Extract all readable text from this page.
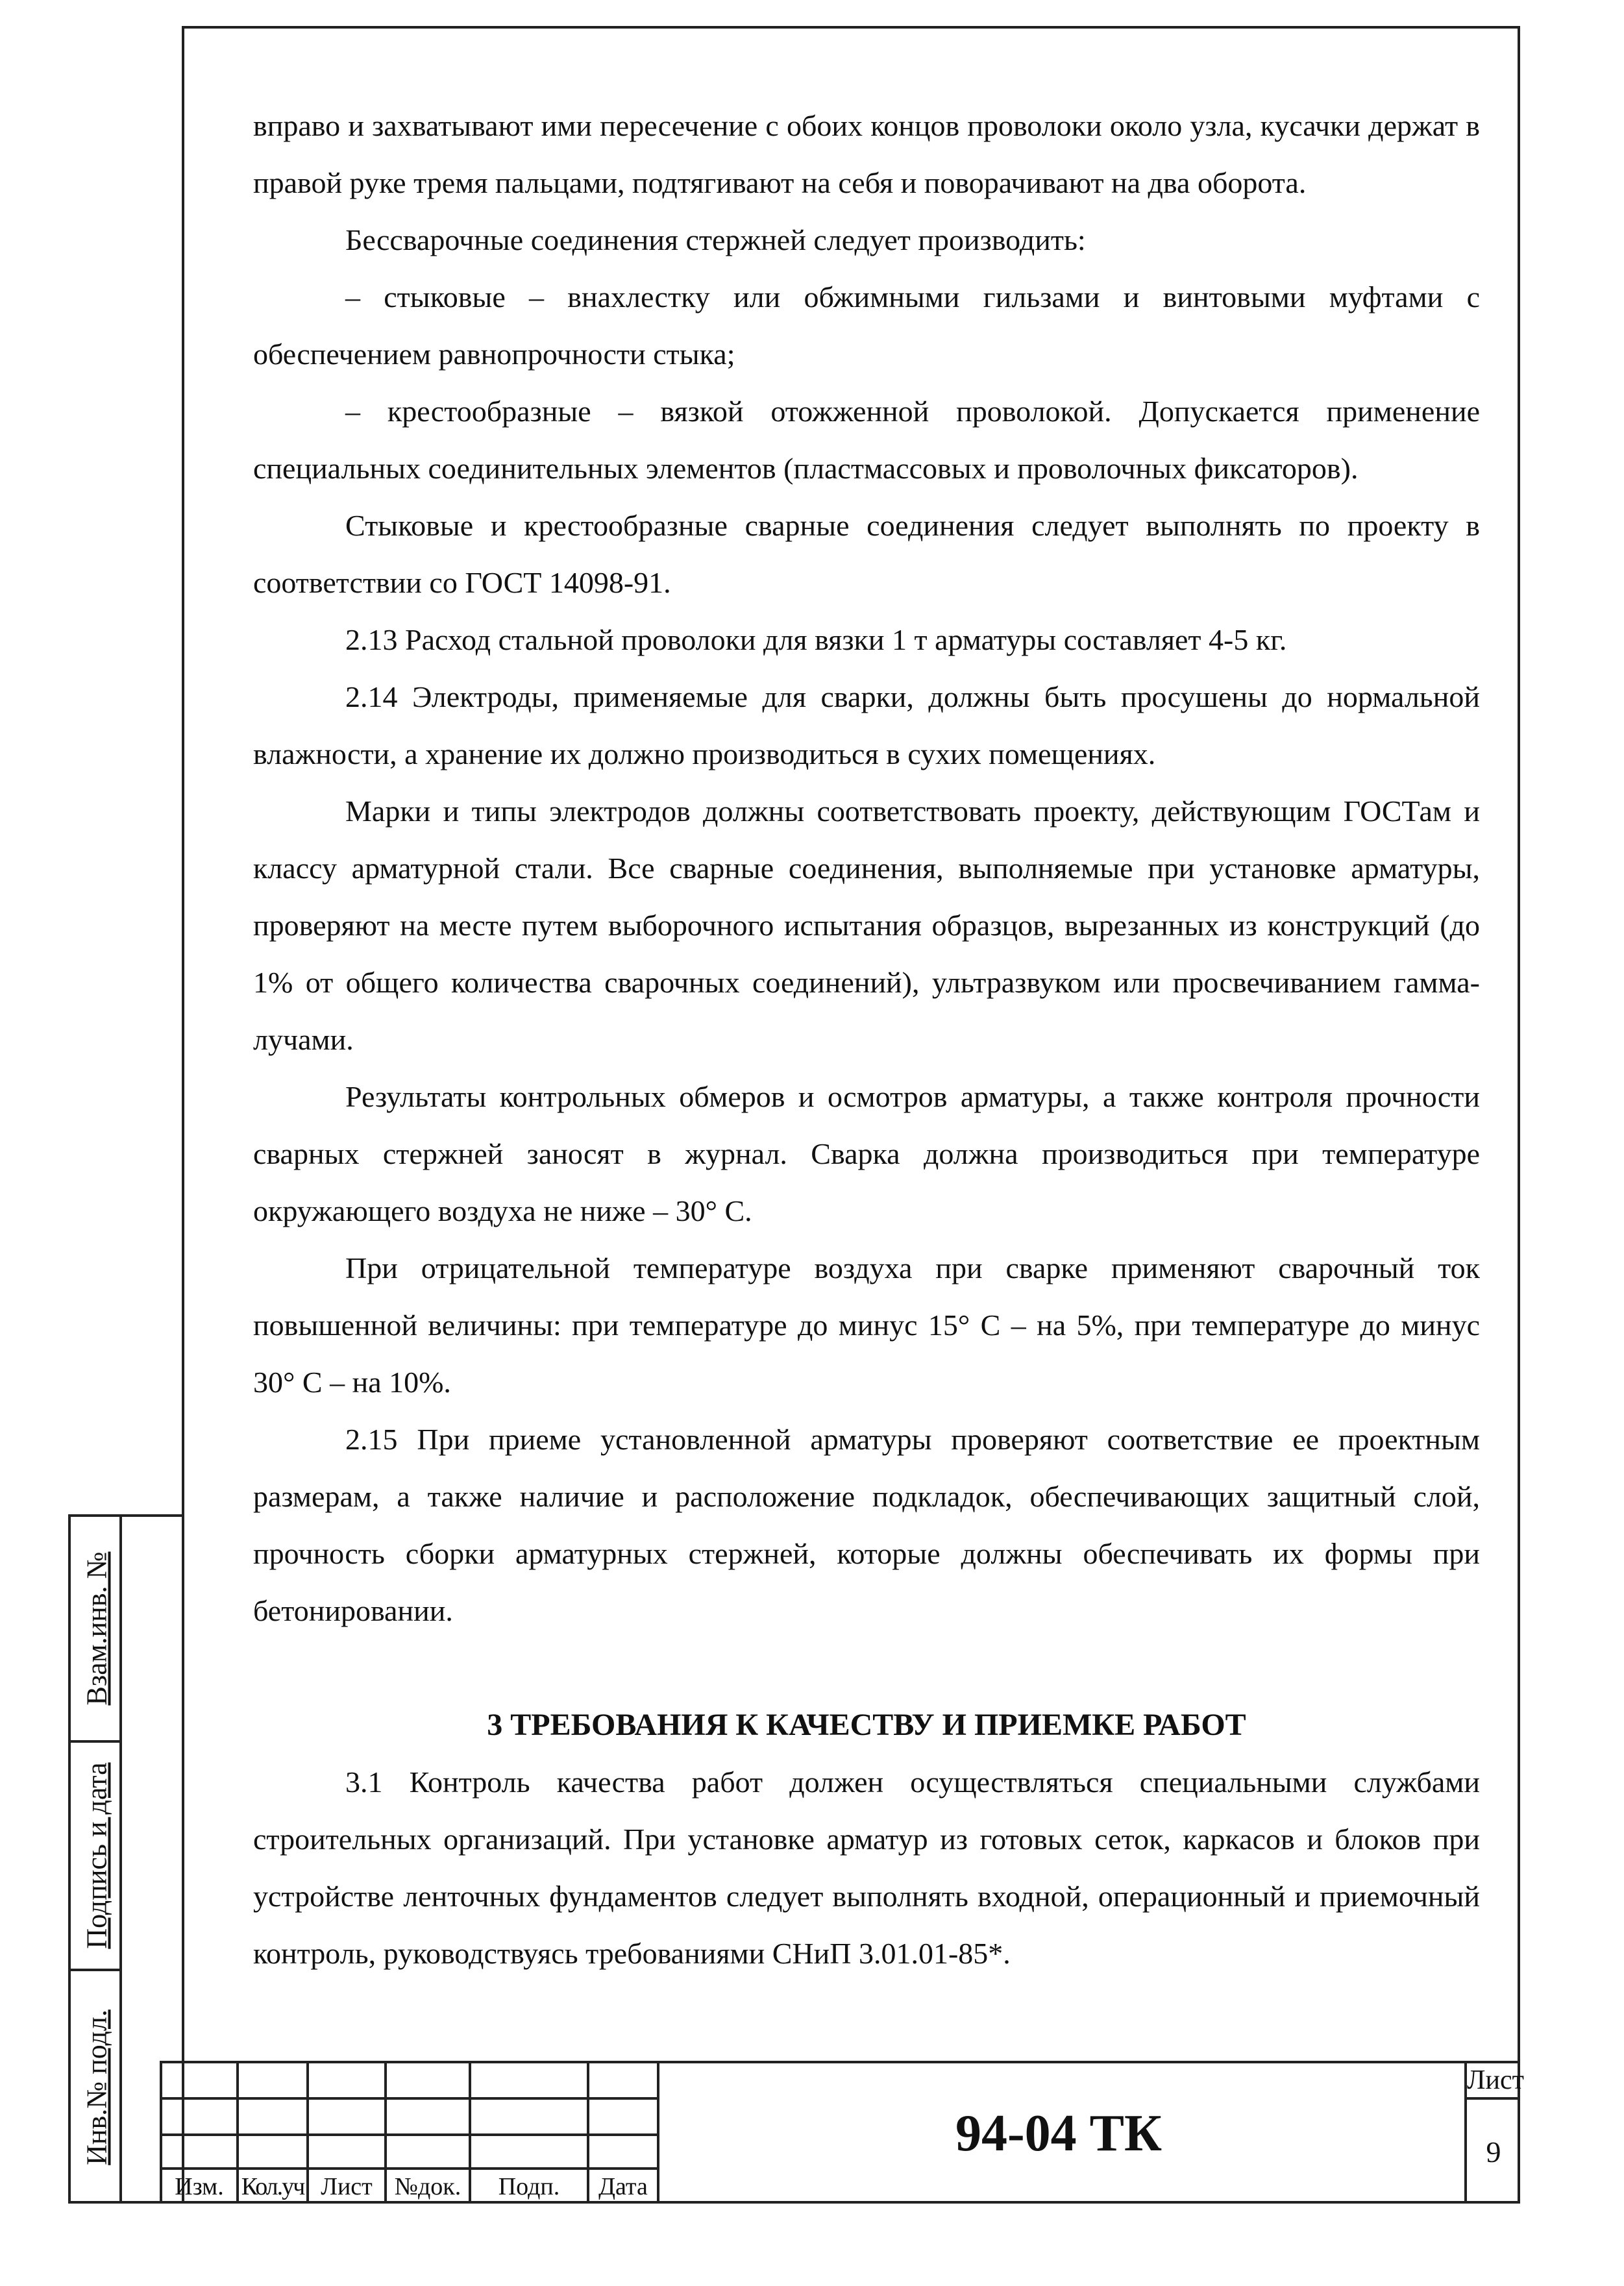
Взам.инв. №
Подпись и дата
Инв.№ подл.

вправо и захватывают ими пересечение с обоих концов проволоки около узла, кусачки держат в правой руке тремя пальцами, подтягивают на себя и поворачивают на два оборота.

Бессварочные соединения стержней следует производить:

– стыковые – внахлестку или обжимными гильзами и винтовыми муфтами с обеспечением равнопрочности стыка;

– крестообразные – вязкой отожженной проволокой. Допускается применение специальных соединительных элементов (пластмассовых и проволочных фиксаторов).

Стыковые и крестообразные сварные соединения следует выполнять по проекту в соответствии со ГОСТ 14098-91.

2.13 Расход стальной проволоки для вязки 1 т арматуры составляет 4-5 кг.

2.14 Электроды, применяемые для сварки, должны быть просушены до нормальной влажности, а хранение их должно производиться в сухих помещениях.

Марки и типы электродов должны соответствовать проекту, действующим ГОСТам и классу арматурной стали. Все сварные соединения, выполняемые при установке арматуры, проверяют на месте путем выборочного испытания образцов, вырезанных из конструкций (до 1% от общего количества сварочных соединений), ультразвуком или просвечиванием гамма-лучами.

Результаты контрольных обмеров и осмотров арматуры, а также контроля прочности сварных стержней заносят в журнал. Сварка должна производиться при температуре окружающего воздуха не ниже – 30° С.

При отрицательной температуре воздуха при сварке применяют сварочный ток повышенной величины: при температуре до минус 15° С – на 5%, при температуре до минус 30° С – на 10%.

2.15 При приеме установленной арматуры проверяют соответствие ее проектным размерам, а также наличие и расположение подкладок, обеспечивающих защитный слой, прочность сборки арматурных стержней, которые должны обеспечивать их формы при бетонировании.

3 ТРЕБОВАНИЯ К КАЧЕСТВУ И ПРИЕМКЕ РАБОТ

3.1 Контроль качества работ должен осуществляться специальными службами строительных организаций. При установке арматур из готовых сеток, каркасов и блоков при устройстве ленточных фундаментов следует выполнять входной, операционный и приемочный контроль, руководствуясь требованиями СНиП 3.01.01-85*.

Изм. Кол.уч Лист №док.	Подп.	Дата
94-04 ТК
Лист
9
